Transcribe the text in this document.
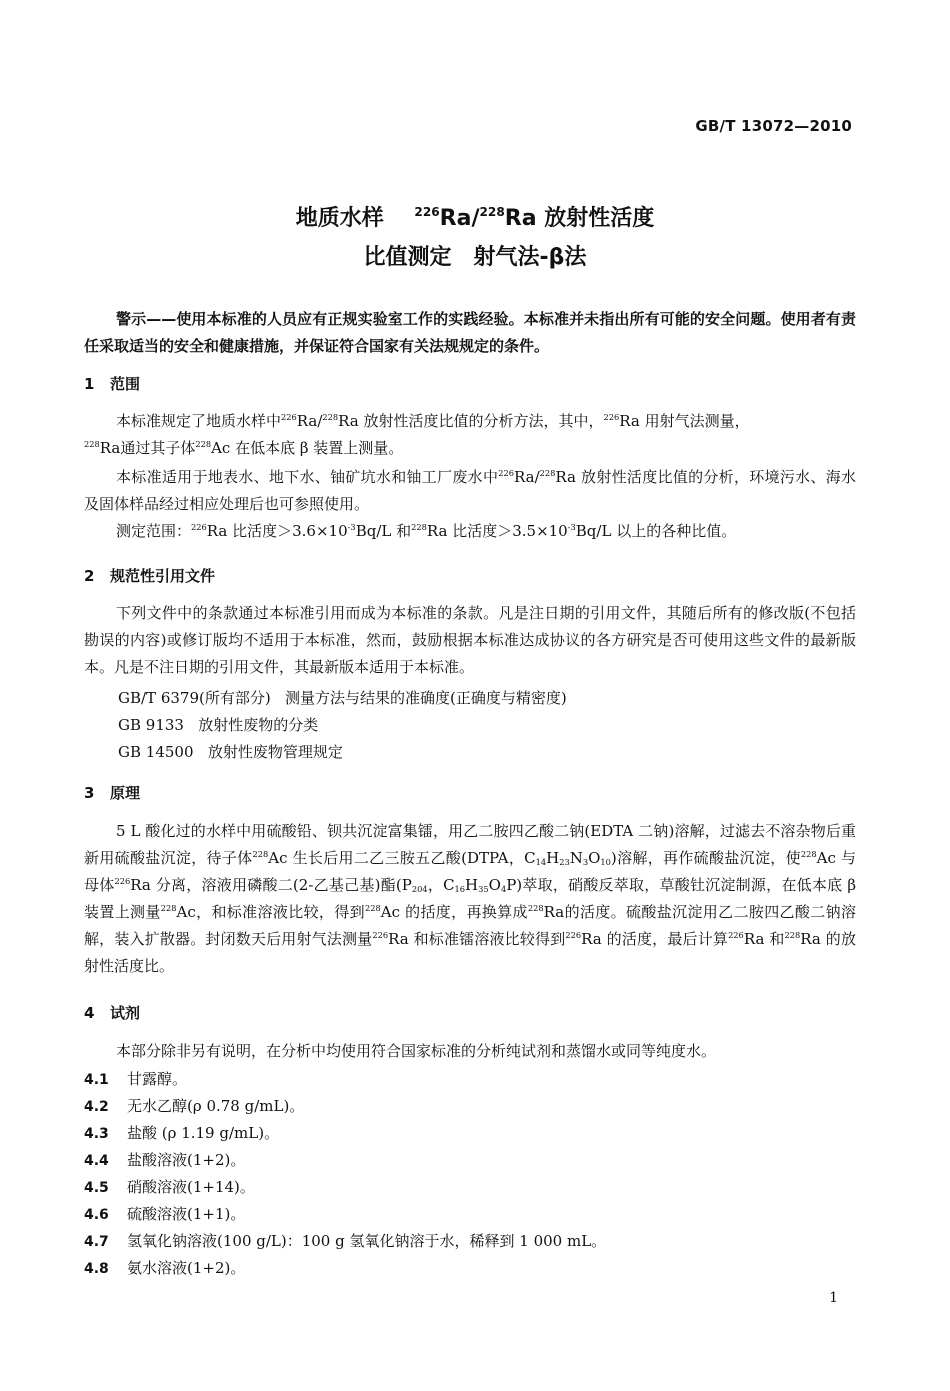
GB/T 13072—2010
地质水样	$^{226}$Ra/$^{228}$Ra 放射性活度
比值测定　射气法-β法
警示——使用本标准的人员应有正规实验室工作的实践经验。本标准并未指出所有可能的安全问题。使用者有责任采取适当的安全和健康措施，并保证符合国家有关法规规定的条件。
1 范围
本标准规定了地质水样中$^{226}$Ra/$^{228}$Ra 放射性活度比值的分析方法，其中，$^{226}$Ra 用射气法测量，
$^{228}$Ra通过其子体$^{228}$Ac 在低本底 β 装置上测量。
本标准适用于地表水、地下水、铀矿坑水和铀工厂废水中$^{226}$Ra/$^{228}$Ra 放射性活度比值的分析，环境污水、海水及固体样品经过相应处理后也可参照使用。
测定范围：$^{226}$Ra 比活度$>3.6\times 10^{-3}Bq/L$ 和$^{228}$Ra 比活度$>3.5\times 10^{-3}Bq/L$ 以上的各种比值。
2 规范性引用文件
下列文件中的条款通过本标准引用而成为本标准的条款。凡是注日期的引用文件，其随后所有的修改版(不包括勘误的内容)或修订版均不适用于本标准，然而，鼓励根据本标准达成协议的各方研究是否可使用这些文件的最新版本。凡是不注日期的引用文件，其最新版本适用于本标准。
GB/T 6379(所有部分) 测量方法与结果的准确度(正确度与精密度)
GB 9133 放射性废物的分类
GB 14500 放射性废物管理规定
3 原理
5 L 酸化过的水样中用硫酸铅、钡共沉淀富集镭，用乙二胺四乙酸二钠(EDTA 二钠)溶解，过滤去不溶杂物后重新用硫酸盐沉淀，待子体$^{228}$Ac 生长后用二乙三胺五乙酸(DTPA，$C_{14}H_{23}N_3O_{10}$)溶解，再作硫酸盐沉淀，使$^{228}$Ac 与母体$^{226}$Ra 分离，溶液用磷酸二(2-乙基己基)酯($P_{204}$，$C_{16}H_{35}O_4P$)萃取，硝酸反萃取，草酸钍沉淀制源，在低本底 β 装置上测量$^{228}$Ac，和标准溶液比较，得到$^{228}$Ac 的括度，再换算成$^{228}$Ra的活度。硫酸盐沉淀用乙二胺四乙酸二钠溶解，装入扩散器。封闭数天后用射气法测量$^{226}$Ra 和标准镭溶液比较得到$^{226}$Ra 的活度，最后计算$^{226}$Ra 和$^{228}$Ra 的放射性活度比。
4 试剂
本部分除非另有说明，在分析中均使用符合国家标准的分析纯试剂和蒸馏水或同等纯度水。
4.1 甘露醇。
4.2 无水乙醇(ρ 0.78 g/mL)。
4.3 盐酸 (ρ 1.19 g/mL)。
4.4 盐酸溶液(1+2)。
4.5 硝酸溶液(1+14)。
4.6 硫酸溶液(1+1)。
4.7 氢氧化钠溶液(100 g/L)：100 g 氢氧化钠溶于水，稀释到 1 000 mL。
4.8 氨水溶液(1+2)。
1
